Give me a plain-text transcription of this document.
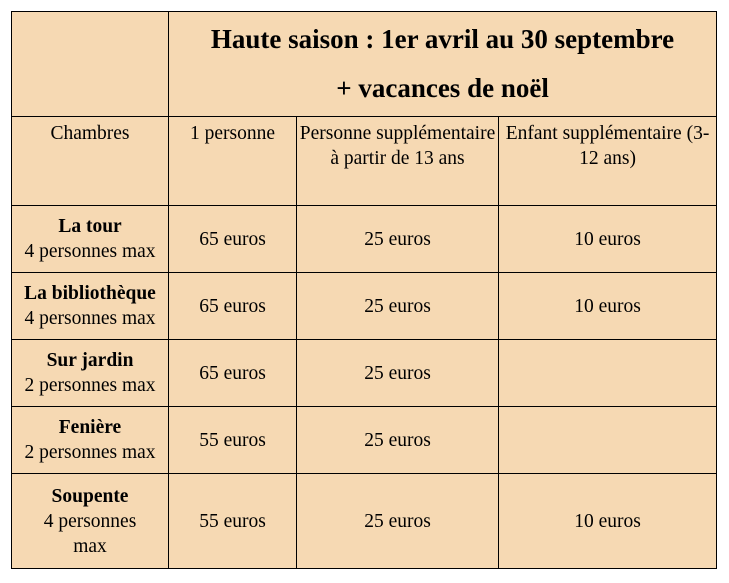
	Haute saison : 1er avril au 30 septembre
+ vacances de noël		

Chambres	1 personne	Personne supplémentaire à partir de 13 ans	Enfant supplémentaire (3-12 ans)

La tour
4 personnes max	65 euros	25 euros	10 euros

La bibliothèque
4 personnes max	65 euros	25 euros	10 euros

Sur jardin
2 personnes max	65 euros	25 euros	

Fenière
2 personnes max	55 euros	25 euros	

Soupente
4 personnes max	55 euros	25 euros	10 euros
